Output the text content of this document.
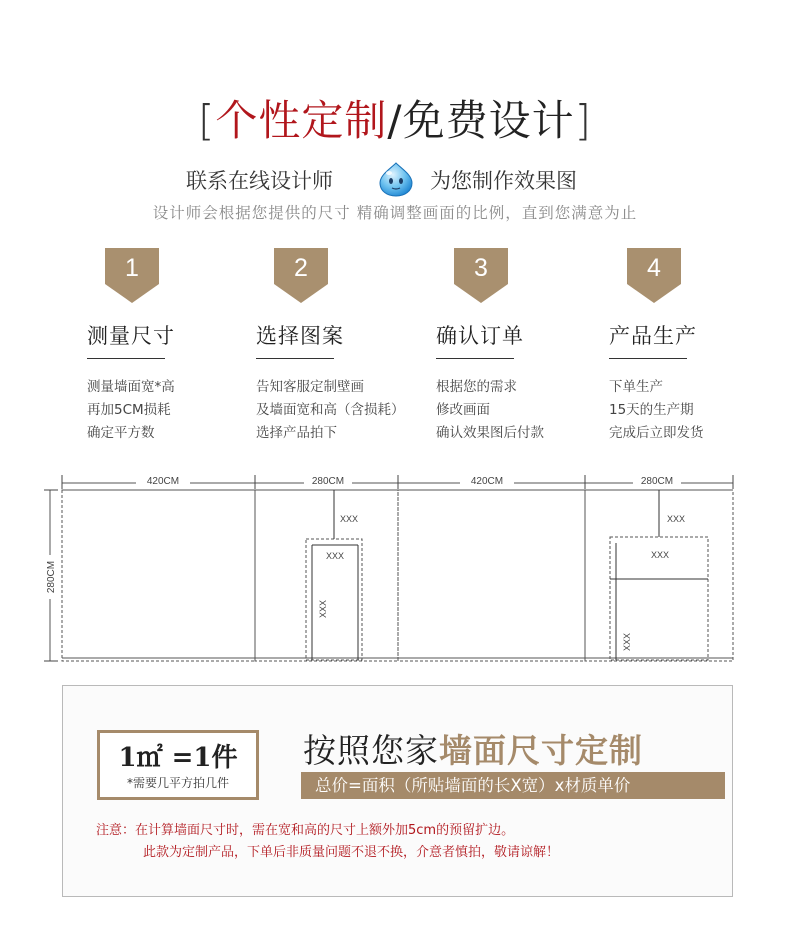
[个性定制/免费设计]
联系在线设计师	为您制作效果图
设计师会根据您提供的尺寸 精确调整画面的比例，直到您满意为止
1
测量尺寸
测量墙面宽*高
再加5CM损耗
确定平方数
2
选择图案
告知客服定制壁画
及墙面宽和高（含损耗）
选择产品拍下
3
确认订单
根据您的需求
修改画面
确认效果图后付款
4
产品生产
下单生产
15天的生产期
完成后立即发货
420CM	280CM	420CM	280CM
280CM
XXX
XXX
XXX
XXX
XXX
XXX
1㎡ =1件
*需要几平方拍几件
按照您家墙面尺寸定制
总价=面积（所贴墙面的长X宽）x材质单价
注意：在计算墙面尺寸时，需在宽和高的尺寸上额外加5cm的预留扩边。
此款为定制产品，下单后非质量问题不退不换，介意者慎拍，敬请谅解！
